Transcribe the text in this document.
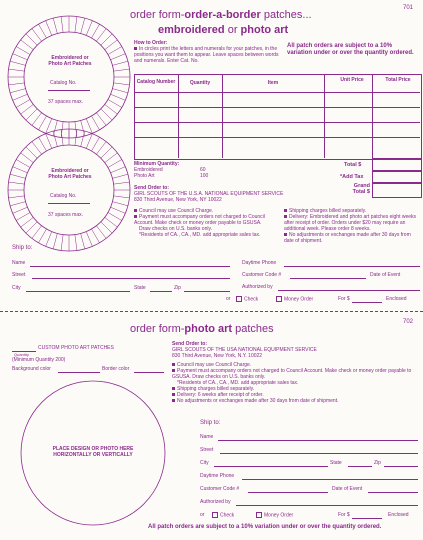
701
order form-order-a-border patches...
embroidered or photo art
Embroidered or Photo Art Patches
Catalog No.
37 spaces max.
Embroidered or Photo Art Patches
Catalog No.
37 spaces max.
How to Order:
In circles print the letters and numerals for your patches, in the positions you want them to appear. Leave spaces between words and numerals. Enter Cat. No.
All patch orders are subject to a 10% variation under or over the quantity ordered.
Catalog Number	Quantity	Item	Unit Price	Total Price
Minimum Quantity:
Embroidered	60
Photo Art	100
Total $
*Add Tax
Grand Total $
Send Order to:
GIRL SCOUTS OF THE U.S.A. NATIONAL EQUIPMENT SERVICE
830 Third Avenue, New York, NY 10022
Council may use Council Charge.
Payment must accompany orders not charged to Council Account. Make check or money order payable to GSUSA.
Draw checks on U.S. banks only.
*Residents of CA., CA., MD. add appropriate sales tax.
Shipping charges billed separately.
Delivery: Embroidered and photo art patches eight weeks after receipt of order. Orders under $20 may require an additional week. Please order 8 weeks.
No adjustments or exchanges made after 30 days from date of shipment.
Ship to:
Name	Daytime Phone
Street	Customer Code #	Date of Event
City	State	Zip	Authorized by
or	Check	Money Order	For $	Enclosed
702
order form-photo art patches
CUSTOM PHOTO ART PATCHES
Quantity
(Minimum Quantity 200)
Background color	Border color
PLACE DESIGN OR PHOTO HERE HORIZONTALLY OR VERTICALLY
Send Order to:
GIRL SCOUTS OF THE USA NATIONAL EQUIPMENT SERVICE
830 Third Avenue, New York, N.Y. 10022
Council may use Council Charge.
Payment must accompany orders not charged to Council Account. Make check or money order payable to GSUSA. Draw checks on U.S. banks only.
*Residents of CA., CA., MD. add appropriate sales tax.
Shipping charges billed separately.
Delivery: 6 weeks after receipt of order.
No adjustments or exchanges made after 30 days from date of shipment.
Ship to:
Name
Street
City	State	Zip
Daytime Phone
Customer Code #	Date of Event
Authorized by
or	Check	Money Order	For $	Enclosed
All patch orders are subject to a 10% variation under or over the quantity ordered.
